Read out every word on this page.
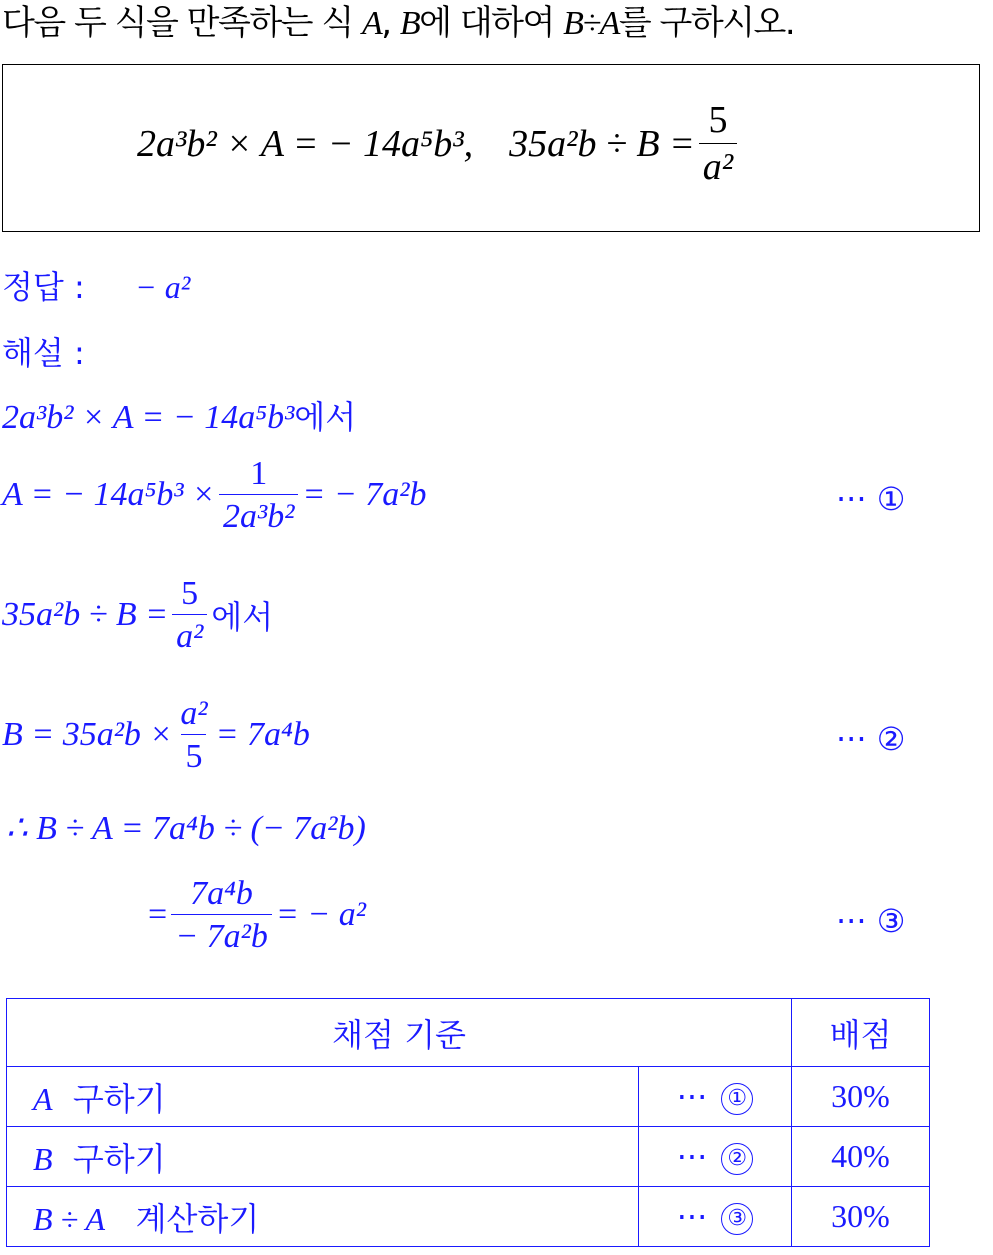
다음 두 식을 만족하는 식 A, B에 대하여 B÷A를 구하시오.
2a³b² × A = − 14a⁵b³, $35a^2b \div B = \frac{5}{\text{a²}}$
정답 : − a²
해설 :
2a³b² × A = − 14a⁵b³에서
A = − $14a^5b^3 \times \frac{1}{\text{2a³b²}}$ = − 7a²b	··· ①
$35a^2b \div B = \frac{5}{\text{a²}}$ 에서
$B = 35a^2b \times \frac{\text{a²}}{5} = 7a^4b$	··· ②
∴ B ÷ A = 7a⁴b ÷ (− 7a²b)
= $\frac{\text{7a⁴b}}{\text{− 7a²b}}$ = − a²	··· ③
채점 기준		배점
A 구하기	··· ①	30%
B 구하기	··· ②	40%
B ÷ A 계산하기	··· ③	30%
